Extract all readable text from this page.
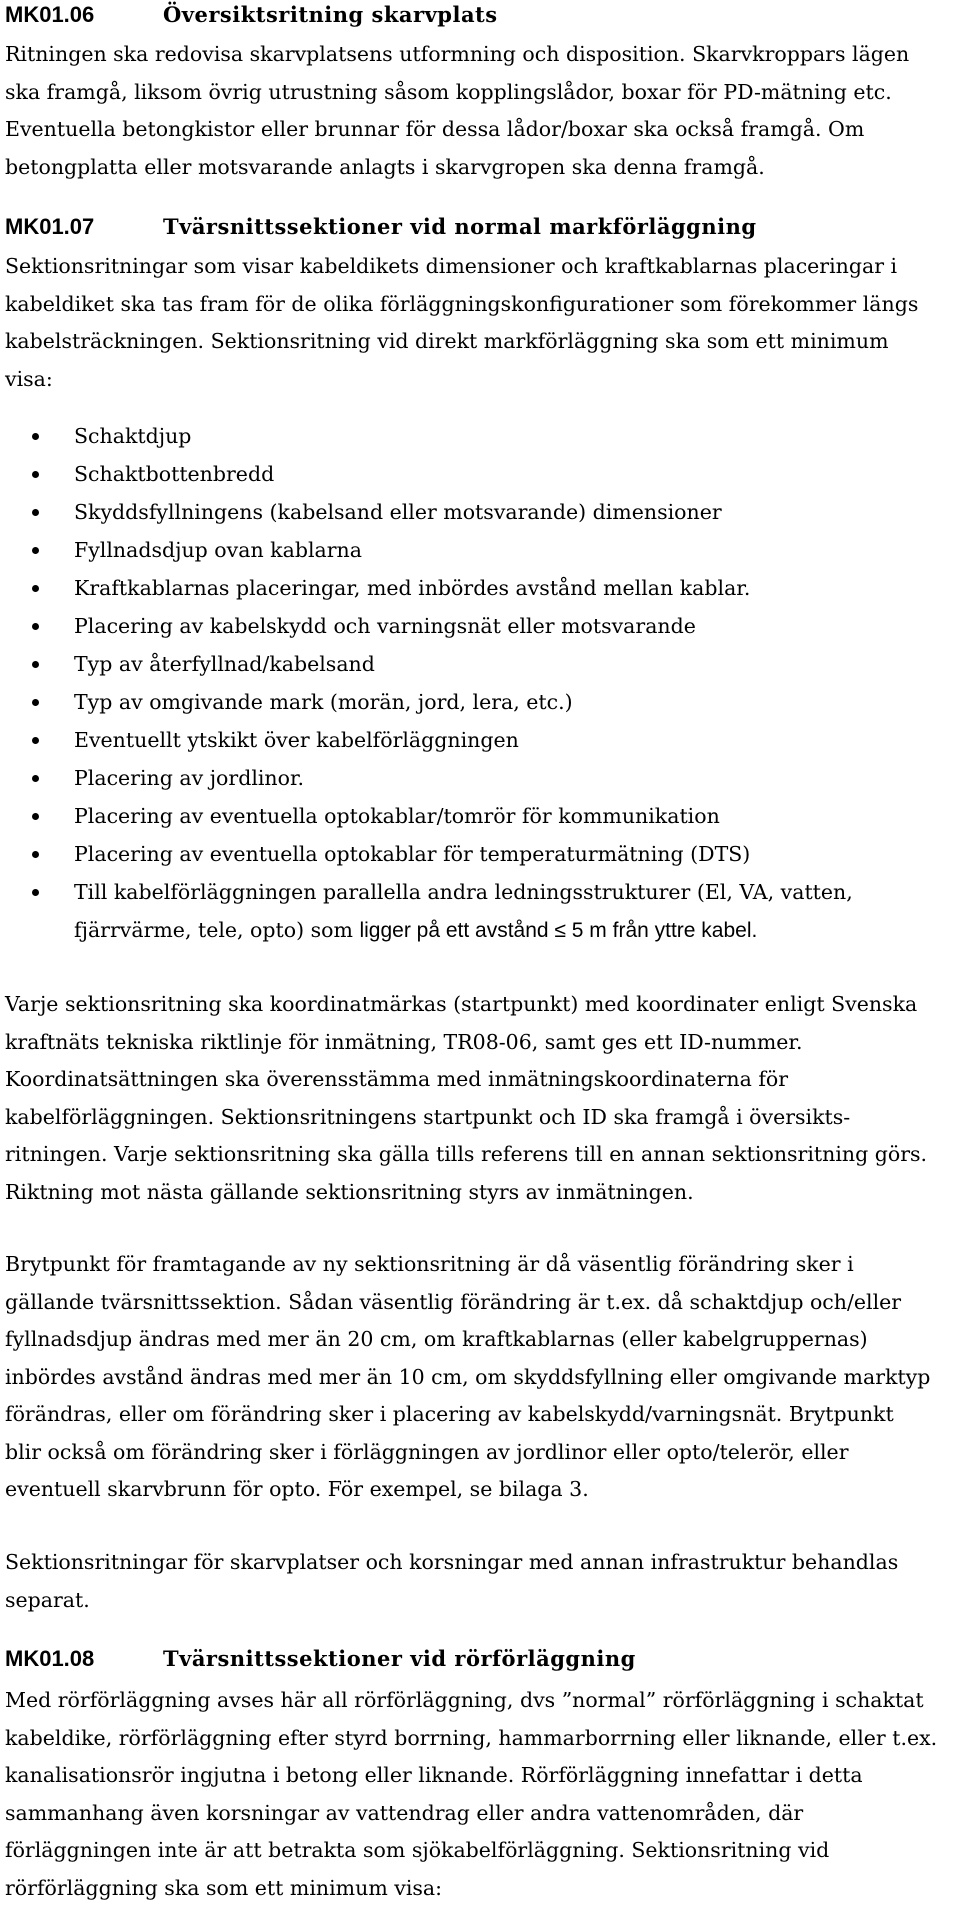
MK01.06	Översiktsritning skarvplats
Ritningen ska redovisa skarvplatsens utformning och disposition. Skarvkroppars lägen
ska framgå, liksom övrig utrustning såsom kopplingslådor, boxar för PD-mätning etc.
Eventuella betongkistor eller brunnar för dessa lådor/boxar ska också framgå. Om
betongplatta eller motsvarande anlagts i skarvgropen ska denna framgå.
MK01.07	Tvärsnittssektioner vid normal markförläggning
Sektionsritningar som visar kabeldikets dimensioner och kraftkablarnas placeringar i
kabeldiket ska tas fram för de olika förläggningskonfigurationer som förekommer längs
kabelsträckningen. Sektionsritning vid direkt markförläggning ska som ett minimum
visa:
Schaktdjup
Schaktbottenbredd
Skyddsfyllningens (kabelsand eller motsvarande) dimensioner
Fyllnadsdjup ovan kablarna
Kraftkablarnas placeringar, med inbördes avstånd mellan kablar.
Placering av kabelskydd och varningsnät eller motsvarande
Typ av återfyllnad/kabelsand
Typ av omgivande mark (morän, jord, lera, etc.)
Eventuellt ytskikt över kabelförläggningen
Placering av jordlinor.
Placering av eventuella optokablar/tomrör för kommunikation
Placering av eventuella optokablar för temperaturmätning (DTS)
Till kabelförläggningen parallella andra ledningsstrukturer (El, VA, vatten,
fjärrvärme, tele, opto) som ligger på ett avstånd ≤ 5 m från yttre kabel.
Varje sektionsritning ska koordinatmärkas (startpunkt) med koordinater enligt Svenska
kraftnäts tekniska riktlinje för inmätning, TR08-06, samt ges ett ID-nummer.
Koordinatsättningen ska överensstämma med inmätningskoordinaterna för
kabelförläggningen. Sektionsritningens startpunkt och ID ska framgå i översikts-
ritningen. Varje sektionsritning ska gälla tills referens till en annan sektionsritning görs.
Riktning mot nästa gällande sektionsritning styrs av inmätningen.
Brytpunkt för framtagande av ny sektionsritning är då väsentlig förändring sker i
gällande tvärsnittssektion. Sådan väsentlig förändring är t.ex. då schaktdjup och/eller
fyllnadsdjup ändras med mer än 20 cm, om kraftkablarnas (eller kabelgruppernas)
inbördes avstånd ändras med mer än 10 cm, om skyddsfyllning eller omgivande marktyp
förändras, eller om förändring sker i placering av kabelskydd/varningsnät. Brytpunkt
blir också om förändring sker i förläggningen av jordlinor eller opto/telerör, eller
eventuell skarvbrunn för opto. För exempel, se bilaga 3.
Sektionsritningar för skarvplatser och korsningar med annan infrastruktur behandlas
separat.
MK01.08	Tvärsnittssektioner vid rörförläggning
Med rörförläggning avses här all rörförläggning, dvs ”normal” rörförläggning i schaktat
kabeldike, rörförläggning efter styrd borrning, hammarborrning eller liknande, eller t.ex.
kanalisationsrör ingjutna i betong eller liknande. Rörförläggning innefattar i detta
sammanhang även korsningar av vattendrag eller andra vattenområden, där
förläggningen inte är att betrakta som sjökabelförläggning. Sektionsritning vid
rörförläggning ska som ett minimum visa:
